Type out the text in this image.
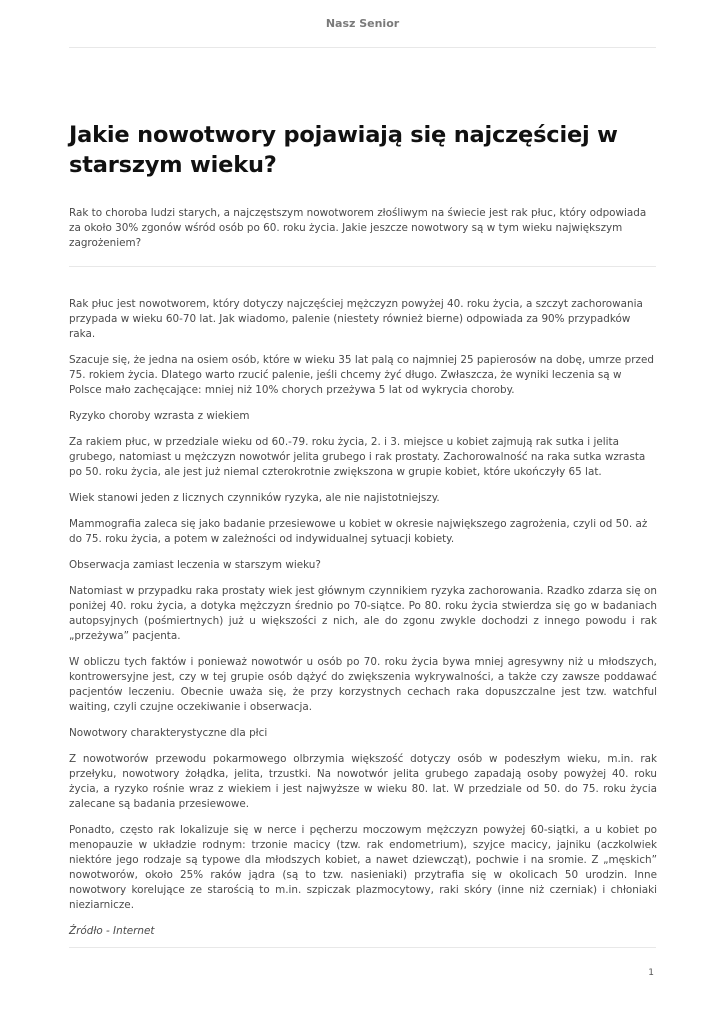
Nasz Senior
Jakie nowotwory pojawiają się najczęściej w starszym wieku?

Rak to choroba ludzi starych, a najczęstszym nowotworem złośliwym na świecie jest rak płuc, który odpowiada za około 30% zgonów wśród osób po 60. roku życia. Jakie jeszcze nowotwory są w tym wieku największym zagrożeniem?

Rak płuc jest nowotworem, który dotyczy najczęściej mężczyzn powyżej 40. roku życia, a szczyt zachorowania przypada w wieku 60-70 lat. Jak wiadomo, palenie (niestety również bierne) odpowiada za 90% przypadków raka.

Szacuje się, że jedna na osiem osób, które w wieku 35 lat palą co najmniej 25 papierosów na dobę, umrze przed 75. rokiem życia. Dlatego warto rzucić palenie, jeśli chcemy żyć długo. Zwłaszcza, że wyniki leczenia są w Polsce mało zachęcające: mniej niż 10% chorych przeżywa 5 lat od wykrycia choroby.

Ryzyko choroby wzrasta z wiekiem

Za rakiem płuc, w przedziale wieku od 60.-79. roku życia, 2. i 3. miejsce u kobiet zajmują rak sutka i jelita grubego, natomiast u mężczyzn nowotwór jelita grubego i rak prostaty. Zachorowalność na raka sutka wzrasta po 50. roku życia, ale jest już niemal czterokrotnie zwiększona w grupie kobiet, które ukończyły 65 lat.

Wiek stanowi jeden z licznych czynników ryzyka, ale nie najistotniejszy.

Mammografia zaleca się jako badanie przesiewowe u kobiet w okresie największego zagrożenia, czyli od 50. aż do 75. roku życia, a potem w zależności od indywidualnej sytuacji kobiety.

Obserwacja zamiast leczenia w starszym wieku?

Natomiast w przypadku raka prostaty wiek jest głównym czynnikiem ryzyka zachorowania. Rzadko zdarza się on poniżej 40. roku życia, a dotyka mężczyzn średnio po 70-siątce. Po 80. roku życia stwierdza się go w badaniach autopsyjnych (pośmiertnych) już u większości z nich, ale do zgonu zwykle dochodzi z innego powodu i rak „przeżywa” pacjenta.

W obliczu tych faktów i ponieważ nowotwór u osób po 70. roku życia bywa mniej agresywny niż u młodszych, kontrowersyjne jest, czy w tej grupie osób dążyć do zwiększenia wykrywalności, a także czy zawsze poddawać pacjentów leczeniu. Obecnie uważa się, że przy korzystnych cechach raka dopuszczalne jest tzw. watchful waiting, czyli czujne oczekiwanie i obserwacja.

Nowotwory charakterystyczne dla płci

Z nowotworów przewodu pokarmowego olbrzymia większość dotyczy osób w podeszłym wieku, m.in. rak przełyku, nowotwory żołądka, jelita, trzustki. Na nowotwór jelita grubego zapadają osoby powyżej 40. roku życia, a ryzyko rośnie wraz z wiekiem i jest najwyższe w wieku 80. lat. W przedziale od 50. do 75. roku życia zalecane są badania przesiewowe.

Ponadto, często rak lokalizuje się w nerce i pęcherzu moczowym mężczyzn powyżej 60-siątki, a u kobiet po menopauzie w układzie rodnym: trzonie macicy (tzw. rak endometrium), szyjce macicy, jajniku (aczkolwiek niektóre jego rodzaje są typowe dla młodszych kobiet, a nawet dziewcząt), pochwie i na sromie. Z „męskich” nowotworów, około 25% raków jądra (są to tzw. nasieniaki) przytrafia się w okolicach 50 urodzin. Inne nowotwory korelujące ze starością to m.in. szpiczak plazmocytowy, raki skóry (inne niż czerniak) i chłoniaki nieziarnicze.

Źródło - Internet

1
